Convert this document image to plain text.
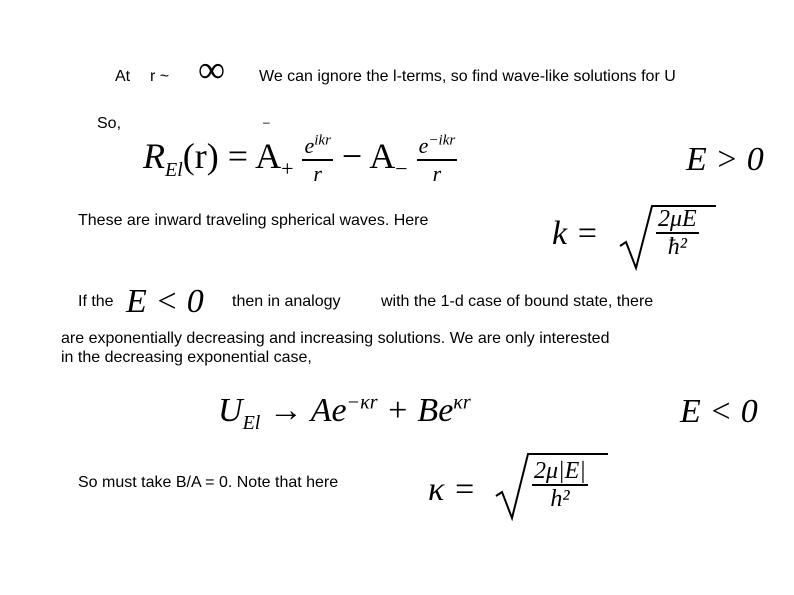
At r ~ ∞ We can ignore the l-terms, so find wave-like solutions for U
So,	–
$R_{El}(r) = A_+ \frac{e^{ikr}}{r} - A_- \frac{e^{-ikr}}{r}$	E > 0
These are inward traveling spherical waves. Here	$k = \frac{2\mu E}{\text{ħ²}}$
If the E < 0 then in analogy	with the 1-d case of bound state, there
are exponentially decreasing and increasing solutions. We are only interested
in the decreasing exponential case,
$U_{El} \to Ae^{-\kappa r} + Be^{\kappa r}$	E < 0
So must take B/A = 0. Note that here	$\kappa = \frac{2\mu|E|}{\text{h²}}$
